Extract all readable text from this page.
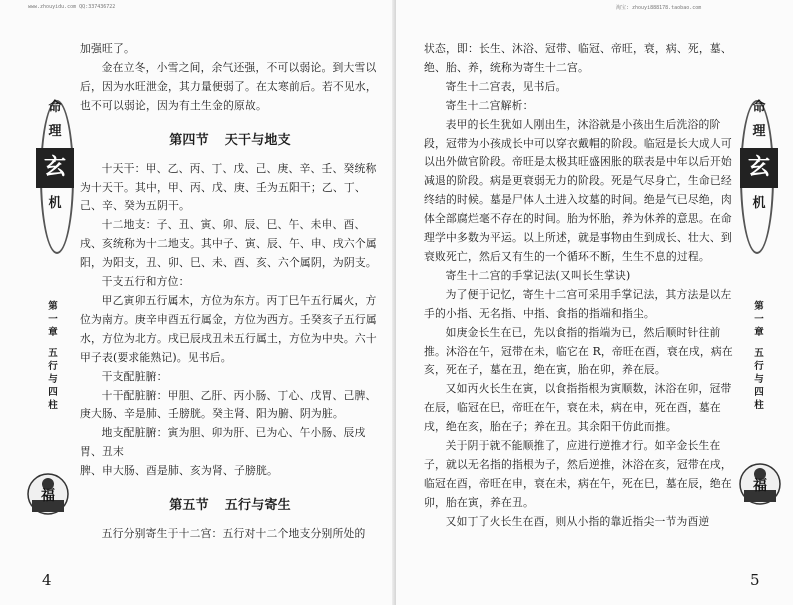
www.zhouyidu.com QQ:337436722

加强旺了。

金在立冬，小雪之间，余气还强，不可以弱论。到大雪以后，因为水旺泄金，其力量便弱了。在太寒前后。若不见水，也不可以弱论，因为有土生金的原故。

第四节 天干与地支

十天干：甲、乙、丙、丁、戊、己、庚、辛、壬、癸统称为十天干。其中，甲、丙、戊、庚、壬为五阳干；乙、丁、己、辛、癸为五阴干。

十二地支：子、丑、寅、卯、辰、巳、午、未申、酉、戌、亥统称为十二地支。其中子、寅、辰、午、申、戌六个属阳，为阳支，丑、卯、巳、未、酉、亥、六个属阴，为阴支。

干支五行和方位：

甲乙寅卯五行属木，方位为东方。丙丁巳午五行属火，方位为南方。庚辛申酉五行属金，方位为西方。壬癸亥子五行属水，方位为北方。戌已辰戌丑未五行属土，方位为中央。六十甲子表(要求能熟记)。见书后。

干支配脏腑：

十干配脏腑：甲胆、乙肝、丙小肠、丁心、戊胃、己脾、庚大肠、辛是肺、壬膀胱。癸主肾、阳为腑、阴为脏。

地支配脏腑：寅为胆、卯为肝、已为心、午小肠、辰戌胃、丑末

脾、申大肠、酉是肺、亥为肾、子膀胱。

第五节 五行与寄生

五行分别寄生于十二宫：五行对十二个地支分别所处的

命
理
玄
机
第
一
章
五
行
与
四
柱
福
4
淘宝: zhouyi888178.taobao.com

状态，即：长生、沐浴、冠带、临冠、帝旺，衰，病、死，墓、绝、胎、养，统称为寄生十二宫。

寄生十二宫表，见书后。

寄生十二宫解析：

表甲的长生犹如人刚出生，沐浴就是小孩出生后洗浴的阶段，冠带为小孩成长中可以穿衣戴帽的阶段。临冠是长大成人可以出外做官阶段。帝旺是太极其旺盛困胀的联表是中年以后开始减退的阶段。病是更衰弱无力的阶段。死是气尽身亡，生命已经终结的时候。墓是尸体人土进入坟墓的时间。绝是气已尽绝，肉体全部腐烂毫不存在的时间。胎为怀胎，养为休养的意思。在命理学中多数为平运。以上所述，就是事物由生到成长、壮大、到衰败死亡，然后又有生的一个循环不断，生生不息的过程。

寄生十二宫的手掌记法(又叫长生掌诀)

为了便于记忆，寄生十二宫可采用手掌记法，其方法是以左手的小指、无名指、中指、食指的指端和指尘。

如庚金长生在已，先以食指的指端为已，然后顺时针往前推。沐浴在午，冠带在未，临它在 R，帝旺在酉，衰在戌，病在亥，死在子，墓在丑，绝在寅，胎在卯，养在辰。

又如丙火长生在寅，以食指指根为寅顺数，沐浴在卯，冠带在辰，临冠在巳，帝旺在午，衰在未，病在申，死在酉，墓在戌，绝在亥，胎在子；养在丑。其余阳干仿此而推。

关于阴于就不能顺推了，应进行逆推才行。如辛金长生在子，就以无名指的指根为子，然后逆推，沐浴在亥，冠带在戌，临冠在酉，帝旺在申，衰在未，病在午，死在巳，墓在辰，绝在卯，胎在寅，养在丑。

又如丁了火长生在酉，则从小指的靠近指尖一节为酉逆

命
理
玄
机
第
一
章
五
行
与
四
柱
福
5
